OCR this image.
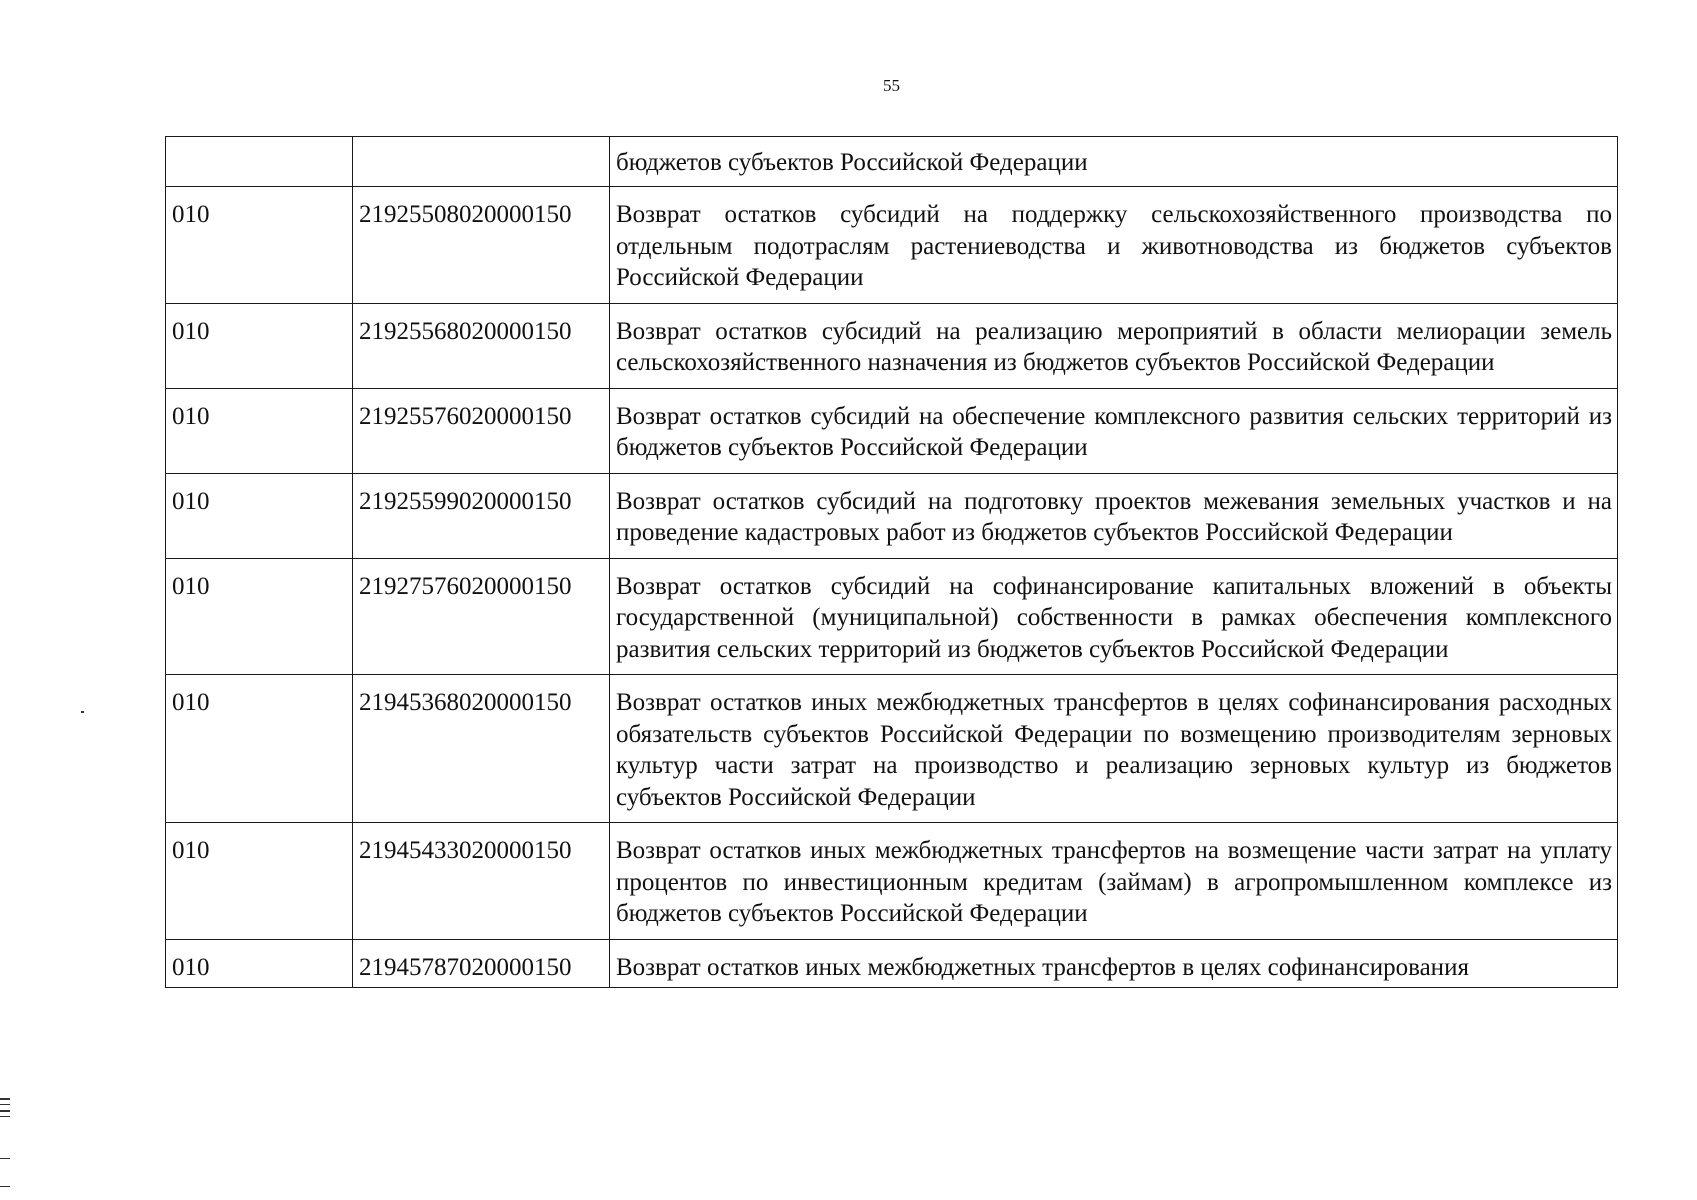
55
		бюджетов субъектов Российской Федерации
010	21925508020000150	Возврат остатков субсидий на поддержку сельскохозяйственного производства по отдельным подотраслям растениеводства и животноводства из бюджетов субъектов Российской Федерации
010	21925568020000150	Возврат остатков субсидий на реализацию мероприятий в области мелиорации земель сельскохозяйственного назначения из бюджетов субъектов Российской Федерации
010	21925576020000150	Возврат остатков субсидий на обеспечение комплексного развития сельских территорий из бюджетов субъектов Российской Федерации
010	21925599020000150	Возврат остатков субсидий на подготовку проектов межевания земельных участков и на проведение кадастровых работ из бюджетов субъектов Российской Федерации
010	21927576020000150	Возврат остатков субсидий на софинансирование капитальных вложений в объекты государственной (муниципальной) собственности в рамках обеспечения комплексного развития сельских территорий из бюджетов субъектов Российской Федерации
010	21945368020000150	Возврат остатков иных межбюджетных трансфертов в целях софинансирования расходных обязательств субъектов Российской Федерации по возмещению производителям зерновых культур части затрат на производство и реализацию зерновых культур из бюджетов субъектов Российской Федерации
010	21945433020000150	Возврат остатков иных межбюджетных трансфертов на возмещение части затрат на уплату процентов по инвестиционным кредитам (займам) в агропромышленном комплексе из бюджетов субъектов Российской Федерации
010	21945787020000150	Возврат остатков иных межбюджетных трансфертов в целях софинансирования
